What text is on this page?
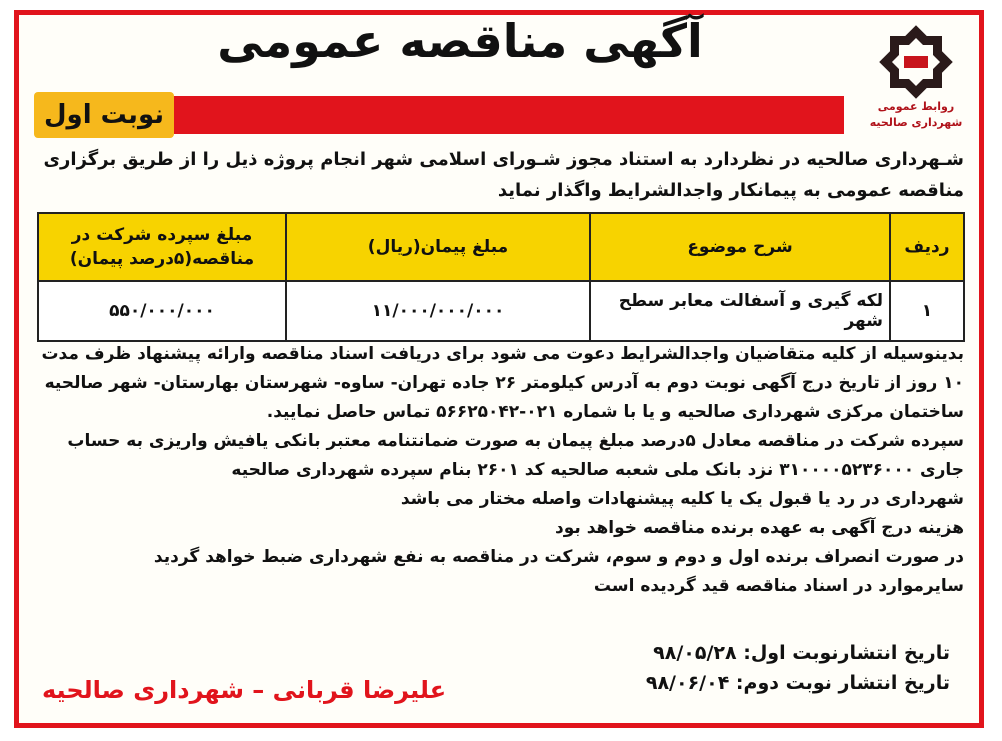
آگهی مناقصه عمومی
روابط عمومی
شهرداری صالحیه
نوبت اول
شـهرداری صالحیه در نظردارد به استناد مجوز شـورای اسلامی شهر انجام پروژه ذیل را از طریق برگزاری مناقصه عمومی به پیمانکار واجدالشرایط واگذار نماید
ردیف	شرح موضوع	مبلغ پیمان(ریال)	مبلغ سپرده شرکت در مناقصه(۵درصد پیمان)
۱	لکه گیری و آسفالت معابر سطح شهر	۱۱/۰۰۰/۰۰۰/۰۰۰	۵۵۰/۰۰۰/۰۰۰

بدینوسیله از کلیه متقاضیان واجدالشرایط دعوت می شود برای دریافت اسناد مناقصه وارائه پیشنهاد ظرف مدت ۱۰ روز از تاریخ درج آگهی نوبت دوم به آدرس کیلومتر ۲۶ جاده تهران- ساوه- شهرستان بهارستان- شهر صالحیه ساختمان مرکزی شهرداری صالحیه و یا با شماره ۰۲۱-۵۶۶۲۵۰۴۲ تماس حاصل نمایید.

سپرده شرکت در مناقصه معادل ۵درصد مبلغ پیمان به صورت ضمانتنامه معتبر بانکی یافیش واریزی به حساب جاری ۳۱۰۰۰۰۵۲۳۶۰۰۰ نزد بانک ملی شعبه صالحیه کد ۲۶۰۱ بنام سپرده شهرداری صالحیه

شهرداری در رد یا قبول یک یا کلیه پیشنهادات واصله مختار می باشد

هزینه درج آگهی به عهده برنده مناقصه خواهد بود

در صورت انصراف برنده اول و دوم و سوم، شرکت در مناقصه به نفع شهرداری ضبط خواهد گردید

سایرموارد در اسناد مناقصه قید گردیده است

تاریخ انتشارنوبت اول: ۹۸/۰۵/۲۸
تاریخ انتشار نوبت دوم: ۹۸/۰۶/۰۴
علیرضا قربانی – شهرداری صالحیه
